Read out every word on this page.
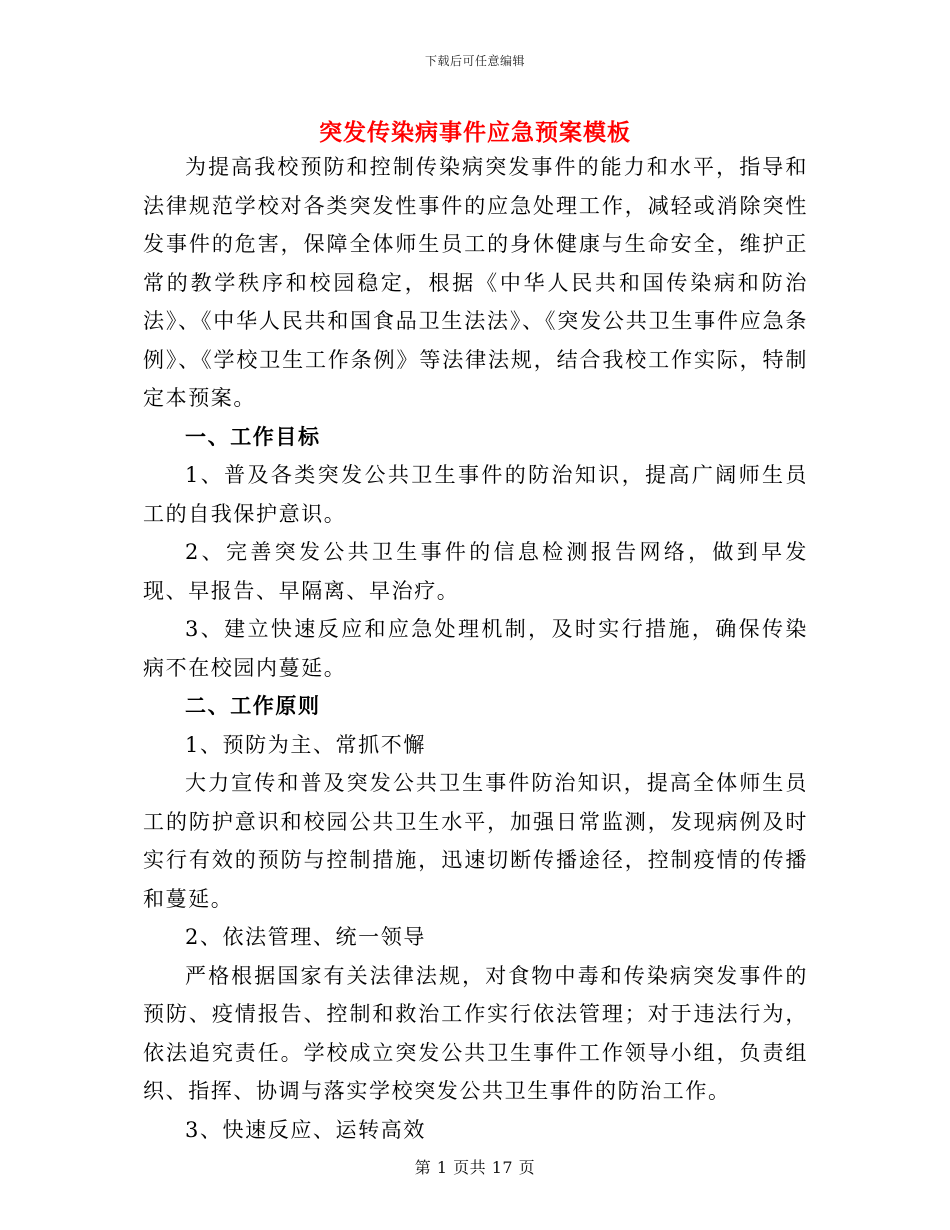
下载后可任意编辑
突发传染病事件应急预案模板

为提高我校预防和控制传染病突发事件的能力和水平，指导和法律规范学校对各类突发性事件的应急处理工作，减轻或消除突性发事件的危害，保障全体师生员工的身休健康与生命安全，维护正常的教学秩序和校园稳定，根据《中华人民共和国传染病和防治法》、《中华人民共和国食品卫生法法》、《突发公共卫生事件应急条例》、《学校卫生工作条例》等法律法规，结合我校工作实际，特制定本预案。

一、工作目标

1、普及各类突发公共卫生事件的防治知识，提高广阔师生员工的自我保护意识。

2、完善突发公共卫生事件的信息检测报告网络，做到早发现、早报告、早隔离、早治疗。

3、建立快速反应和应急处理机制，及时实行措施，确保传染病不在校园内蔓延。

二、工作原则

1、预防为主、常抓不懈

大力宣传和普及突发公共卫生事件防治知识，提高全体师生员工的防护意识和校园公共卫生水平，加强日常监测，发现病例及时实行有效的预防与控制措施，迅速切断传播途径，控制疫情的传播和蔓延。

2、依法管理、统一领导

严格根据国家有关法律法规，对食物中毒和传染病突发事件的预防、疫情报告、控制和救治工作实行依法管理；对于违法行为，依法追究责任。学校成立突发公共卫生事件工作领导小组，负责组织、指挥、协调与落实学校突发公共卫生事件的防治工作。

3、快速反应、运转高效

第 1 页共 17 页
